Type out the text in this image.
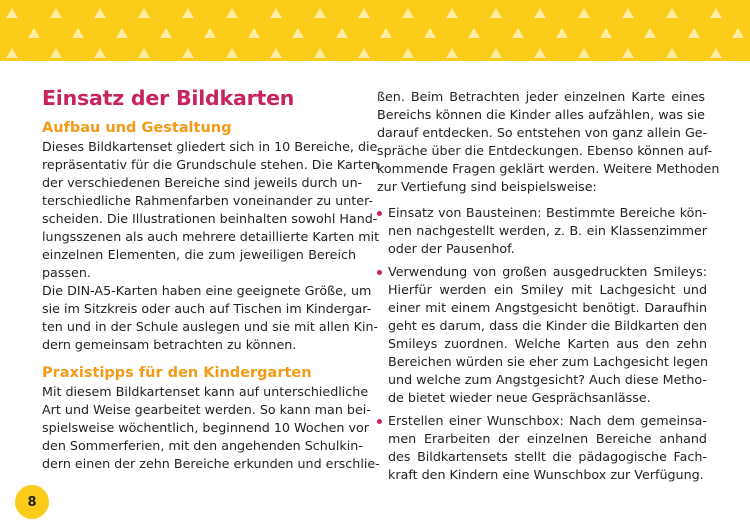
Einsatz der Bildkarten
Aufbau und Gestaltung
Dieses Bildkartenset gliedert sich in 10 Bereiche, die
repräsentativ für die Grundschule stehen. Die Karten
der verschiedenen Bereiche sind jeweils durch un-
terschiedliche Rahmenfarben voneinander zu unter-
scheiden. Die Illustrationen beinhalten sowohl Hand-
lungsszenen als auch mehrere detaillierte Karten mit
einzelnen Elementen, die zum jeweiligen Bereich
passen.
Die DIN-A5-Karten haben eine geeignete Größe, um
sie im Sitzkreis oder auch auf Tischen im Kindergar-
ten und in der Schule auslegen und sie mit allen Kin-
dern gemeinsam betrachten zu können.
Praxistipps für den Kindergarten
Mit diesem Bildkartenset kann auf unterschiedliche
Art und Weise gearbeitet werden. So kann man bei-
spielsweise wöchentlich, beginnend 10 Wochen vor
den Sommerferien, mit den angehenden Schulkin-
dern einen der zehn Bereiche erkunden und erschlie-
ßen. Beim Betrachten jeder einzelnen Karte eines
Bereichs können die Kinder alles aufzählen, was sie
darauf entdecken. So entstehen von ganz allein Ge-
spräche über die Entdeckungen. Ebenso können auf-
kommende Fragen geklärt werden. Weitere Methoden
zur Vertiefung sind beispielsweise:
Einsatz von Bausteinen: Bestimmte Bereiche kön-
nen nachgestellt werden, z. B. ein Klassenzimmer
oder der Pausenhof.
Verwendung von großen ausgedruckten Smileys:
Hierfür werden ein Smiley mit Lachgesicht und
einer mit einem Angstgesicht benötigt. Daraufhin
geht es darum, dass die Kinder die Bildkarten den
Smileys zuordnen. Welche Karten aus den zehn
Bereichen würden sie eher zum Lachgesicht legen
und welche zum Angstgesicht? Auch diese Metho-
de bietet wieder neue Gesprächsanlässe.
Erstellen einer Wunschbox: Nach dem gemeinsa-
men Erarbeiten der einzelnen Bereiche anhand
des Bildkartensets stellt die pädagogische Fach-
kraft den Kindern eine Wunschbox zur Verfügung.
8
